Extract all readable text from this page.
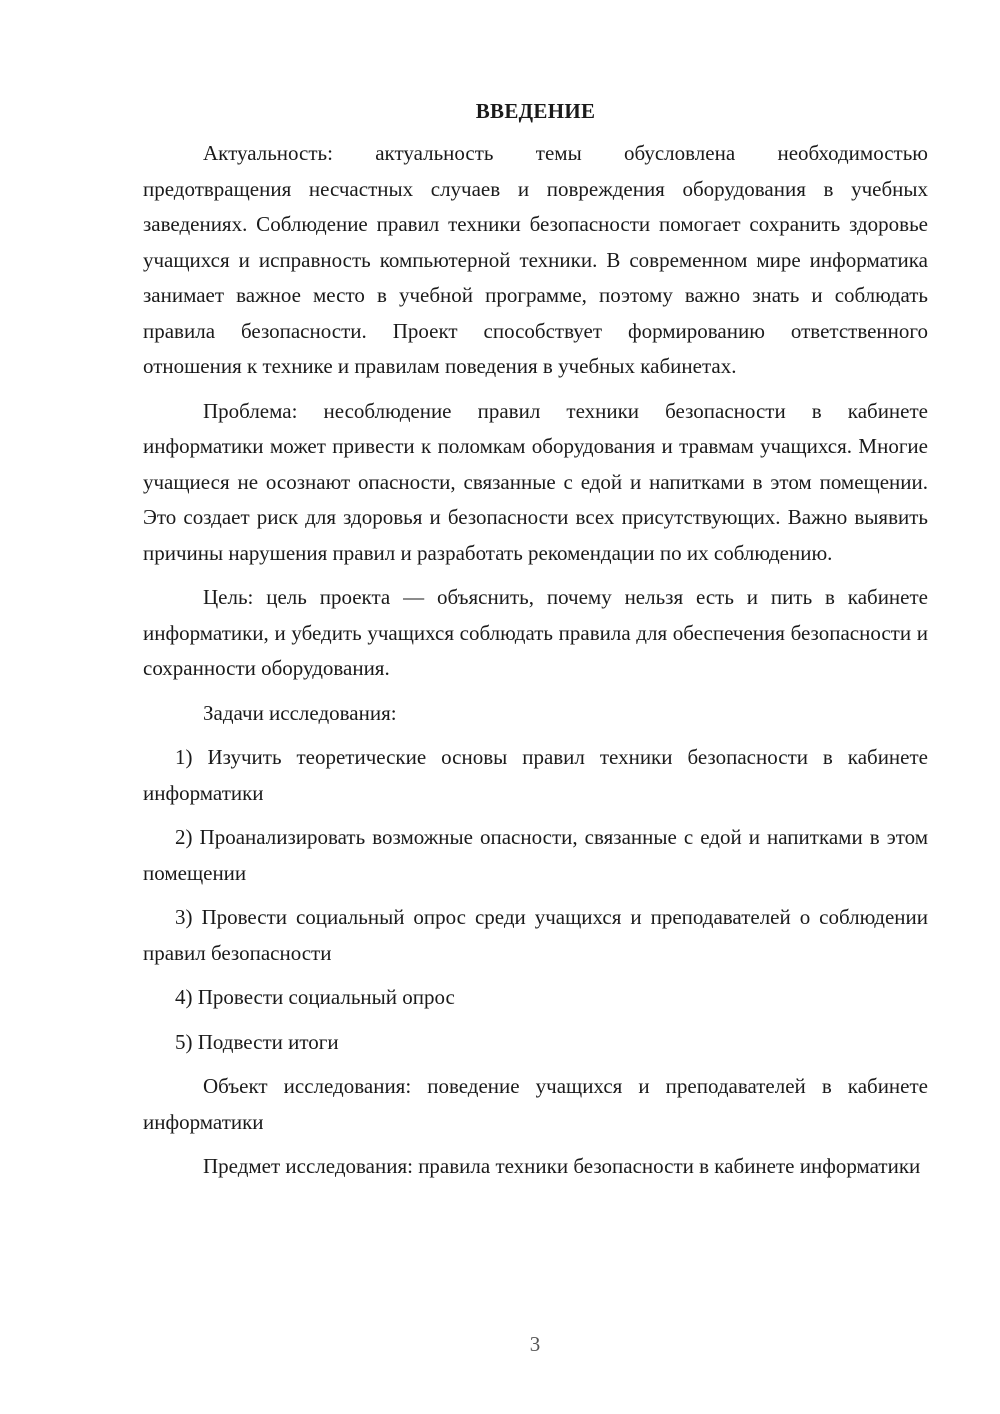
ВВЕДЕНИЕ

Актуальность: актуальность темы обусловлена необходимостью предотвращения несчастных случаев и повреждения оборудования в учебных заведениях. Соблюдение правил техники безопасности помогает сохранить здоровье учащихся и исправность компьютерной техники. В современном мире информатика занимает важное место в учебной программе, поэтому важно знать и соблюдать правила безопасности. Проект способствует формированию ответственного отношения к технике и правилам поведения в учебных кабинетах.

Проблема: несоблюдение правил техники безопасности в кабинете информатики может привести к поломкам оборудования и травмам учащихся. Многие учащиеся не осознают опасности, связанные с едой и напитками в этом помещении. Это создает риск для здоровья и безопасности всех присутствующих. Важно выявить причины нарушения правил и разработать рекомендации по их соблюдению.

Цель: цель проекта — объяснить, почему нельзя есть и пить в кабинете информатики, и убедить учащихся соблюдать правила для обеспечения безопасности и сохранности оборудования.

Задачи исследования:

1) Изучить теоретические основы правил техники безопасности в кабинете информатики

2) Проанализировать возможные опасности, связанные с едой и напитками в этом помещении

3) Провести социальный опрос среди учащихся и преподавателей о соблюдении правил безопасности

4) Провести социальный опрос

5) Подвести итоги

Объект исследования: поведение учащихся и преподавателей в кабинете информатики

Предмет исследования: правила техники безопасности в кабинете информатики

3
